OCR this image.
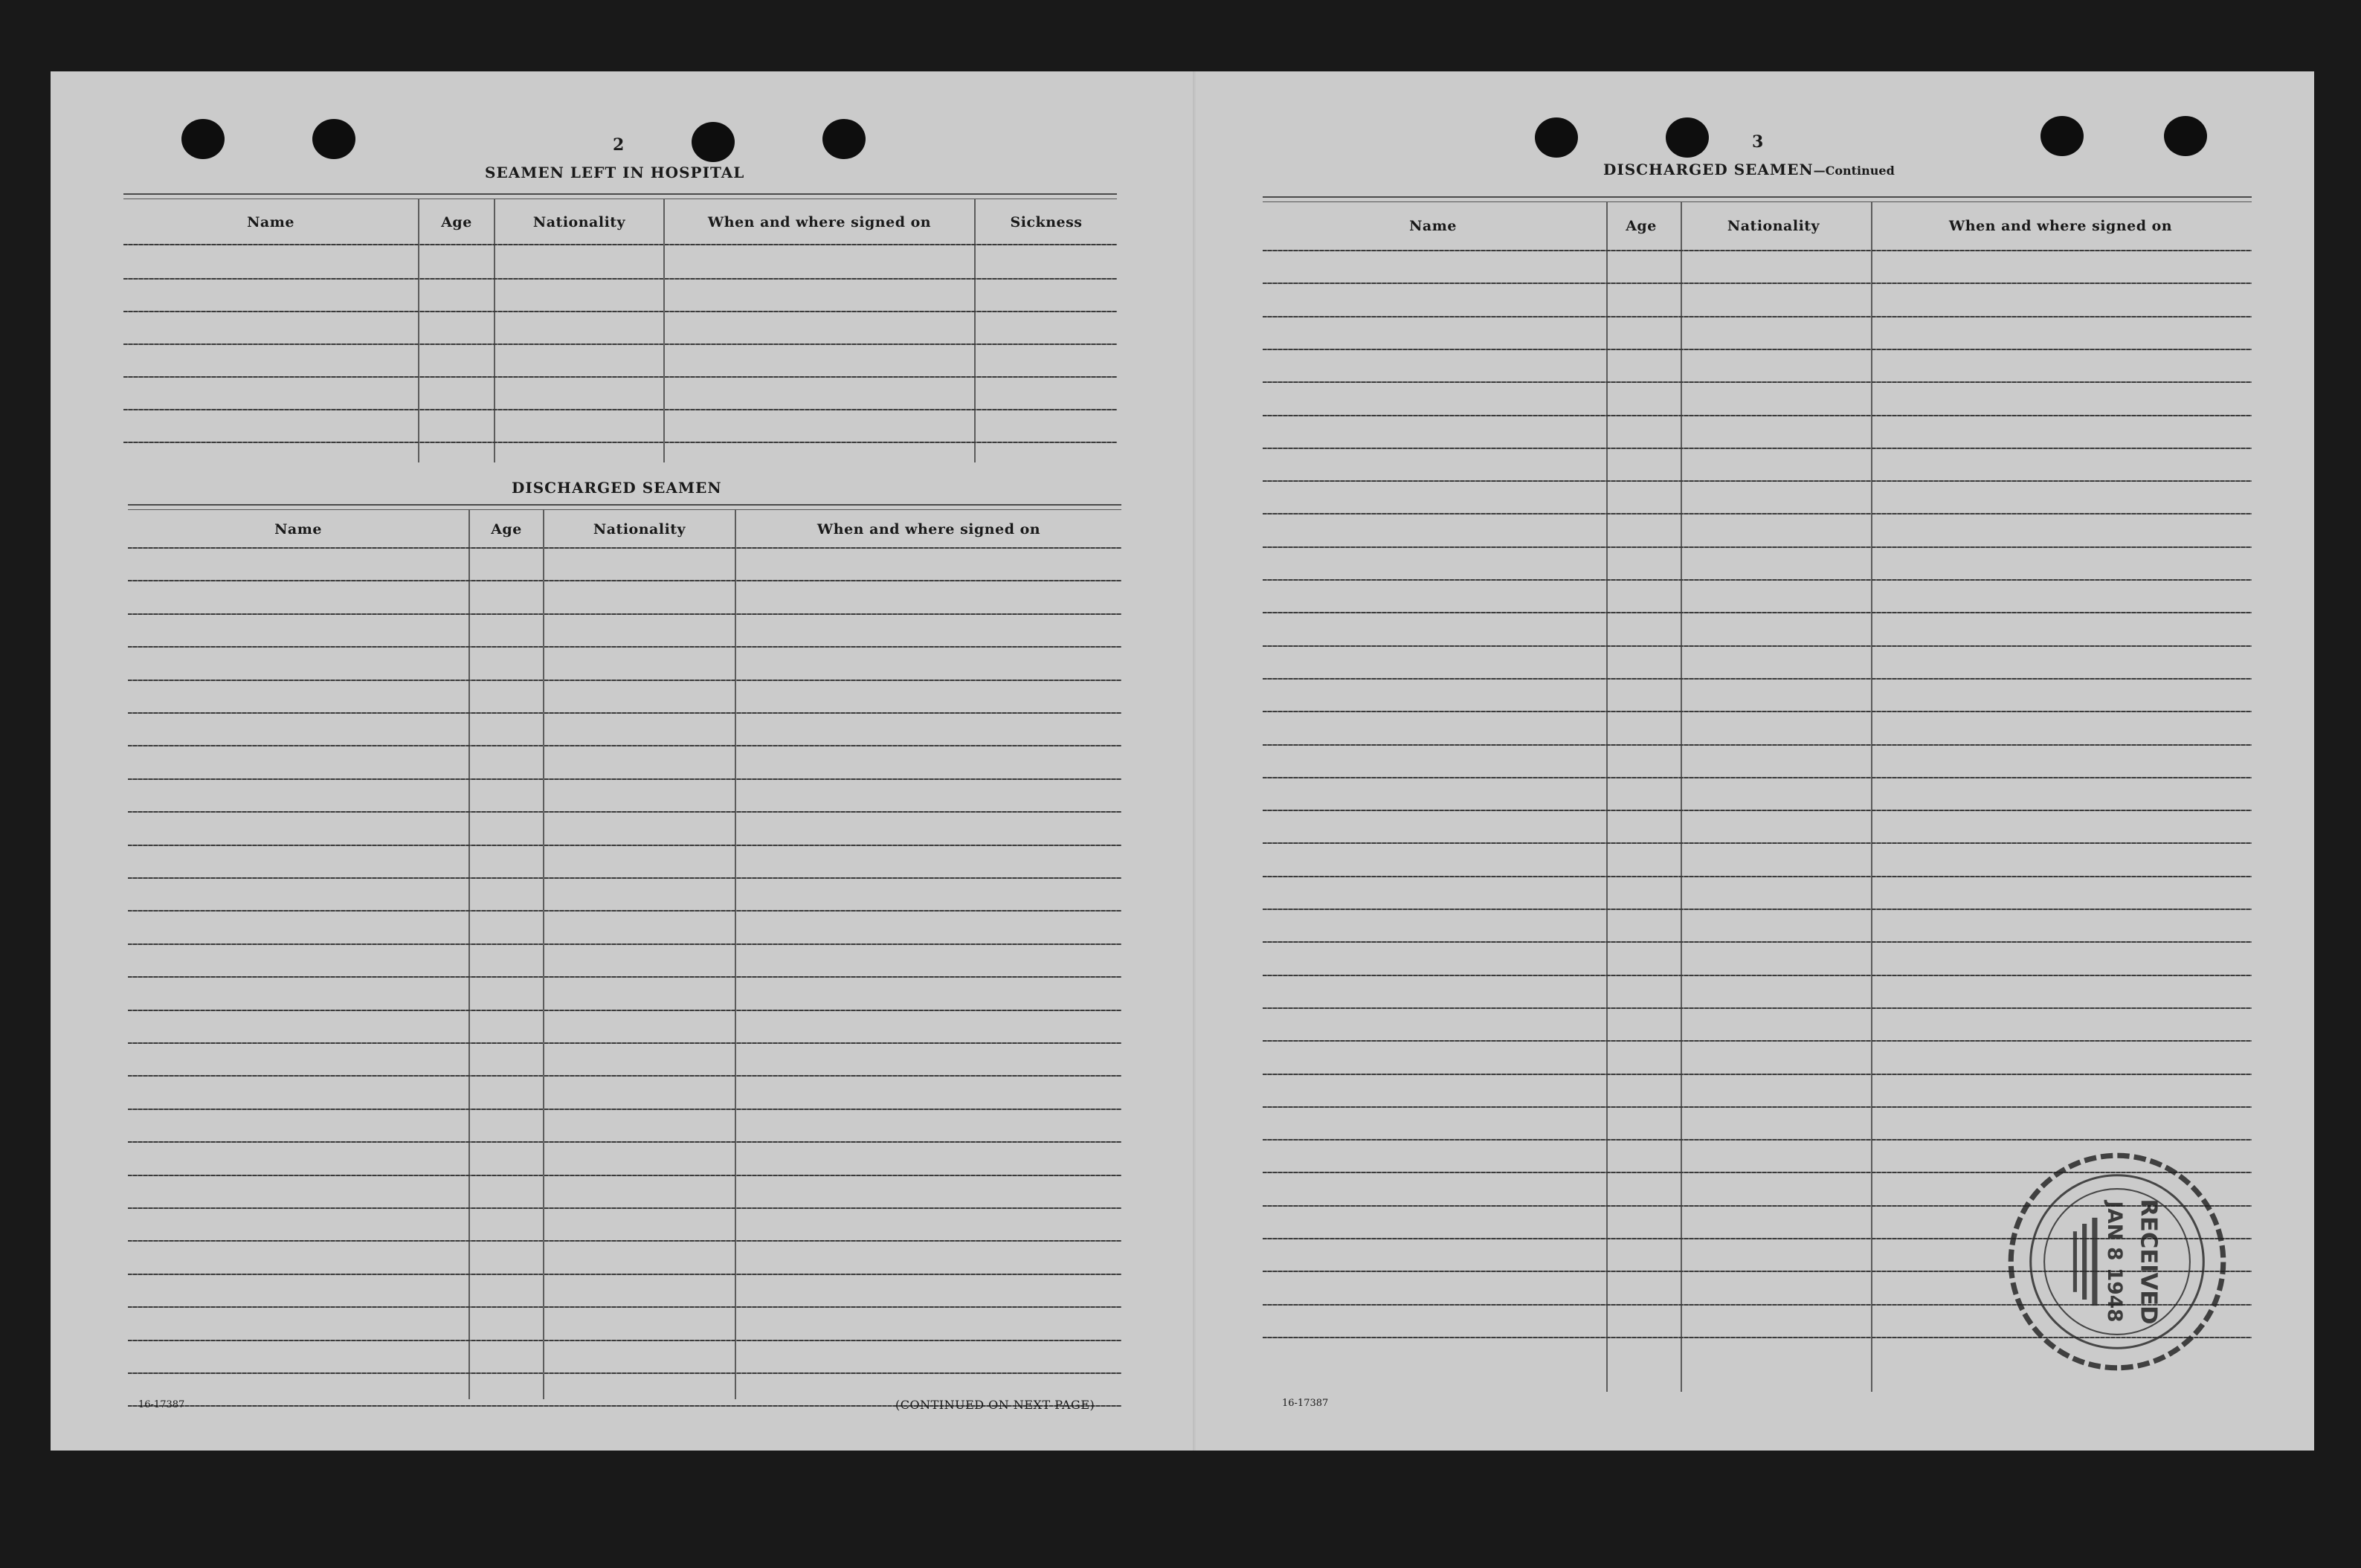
2
SEAMEN LEFT IN HOSPITAL
Name	Age	Nationality	When and where signed on	Sickness
DISCHARGED SEAMEN
Name	Age	Nationality	When and where signed on
16-17387	(CONTINUED ON NEXT PAGE)
3
DISCHARGED SEAMEN—Continued
Name	Age	Nationality	When and where signed on
16-17387
RECEIVED
JAN 8 1948
